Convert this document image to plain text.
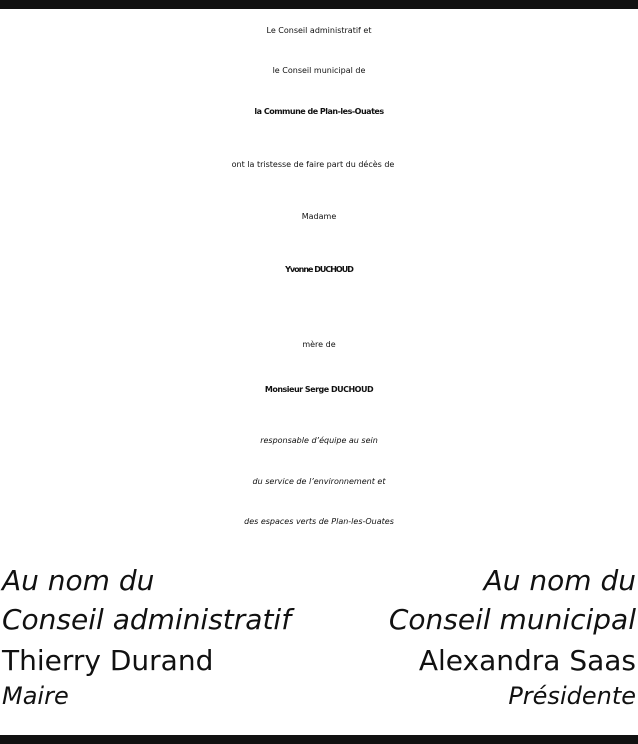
Le Conseil administratif et
le Conseil municipal de
la Commune de Plan-les-Ouates
ont la tristesse de faire part du décès de
Madame
Yvonne DUCHOUD
mère de
Monsieur Serge DUCHOUD
responsable d’équipe au sein
du service de l’environnement et
des espaces verts de Plan-les-Ouates
Au nom du
Conseil administratif
Thierry Durand
Maire
Au nom du
Conseil municipal
Alexandra Saas
Présidente
